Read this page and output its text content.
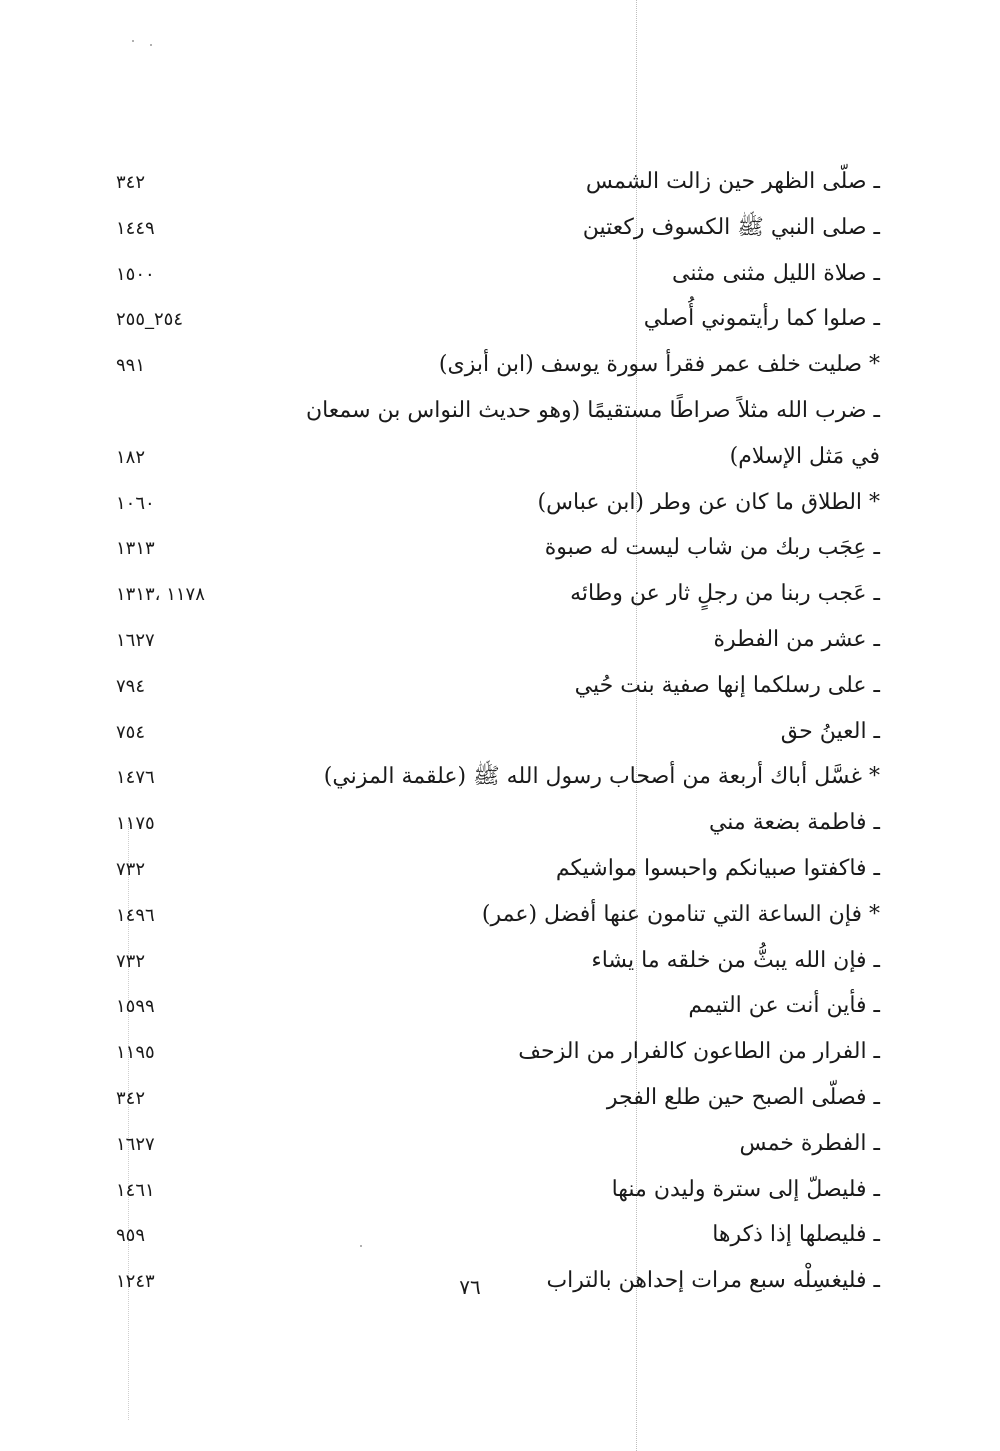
ـ صلّى الظهر حين زالت الشمس
٣٤٢
ـ صلى النبي ﷺ الكسوف ركعتين
١٤٤٩
ـ صلاة الليل مثنى مثنى
١٥٠٠
ـ صلوا كما رأيتموني أُصلي
٢٥٥_٢٥٤
* صليت خلف عمر فقرأ سورة يوسف (ابن أبزى)
٩٩١
ـ ضرب الله مثلاً صراطًا مستقيمًا (وهو حديث النواس بن سمعان
في مَثل الإسلام)
١٨٢
* الطلاق ما كان عن وطر (ابن عباس)
١٠٦٠
ـ عِجَب ربك من شاب ليست له صبوة
١٣١٣
ـ عَجب ربنا من رجلٍ ثار عن وطائه
١٣١٣، ١١٧٨
ـ عشر من الفطرة
١٦٢٧
ـ على رسلكما إنها صفية بنت حُيي
٧٩٤
ـ العينُ حق
٧٥٤
* غسَّل أباك أربعة من أصحاب رسول الله ﷺ (علقمة المزني)
١٤٧٦
ـ فاطمة بضعة مني
١١٧٥
ـ فاكفتوا صبيانكم واحبسوا مواشيكم
٧٣٢
* فإن الساعة التي تنامون عنها أفضل (عمر)
١٤٩٦
ـ فإن الله يبثُّ من خلقه ما يشاء
٧٣٢
ـ فأين أنت عن التيمم
١٥٩٩
ـ الفرار من الطاعون كالفرار من الزحف
١١٩٥
ـ فصلّى الصبح حين طلع الفجر
٣٤٢
ـ الفطرة خمس
١٦٢٧
ـ فليصلّ إلى سترة وليدن منها
١٤٦١
ـ فليصلها إذا ذكرها
٩٥٩
ـ فليغسِلْه سبع مرات إحداهن بالتراب
١٢٤٣	٧٦
